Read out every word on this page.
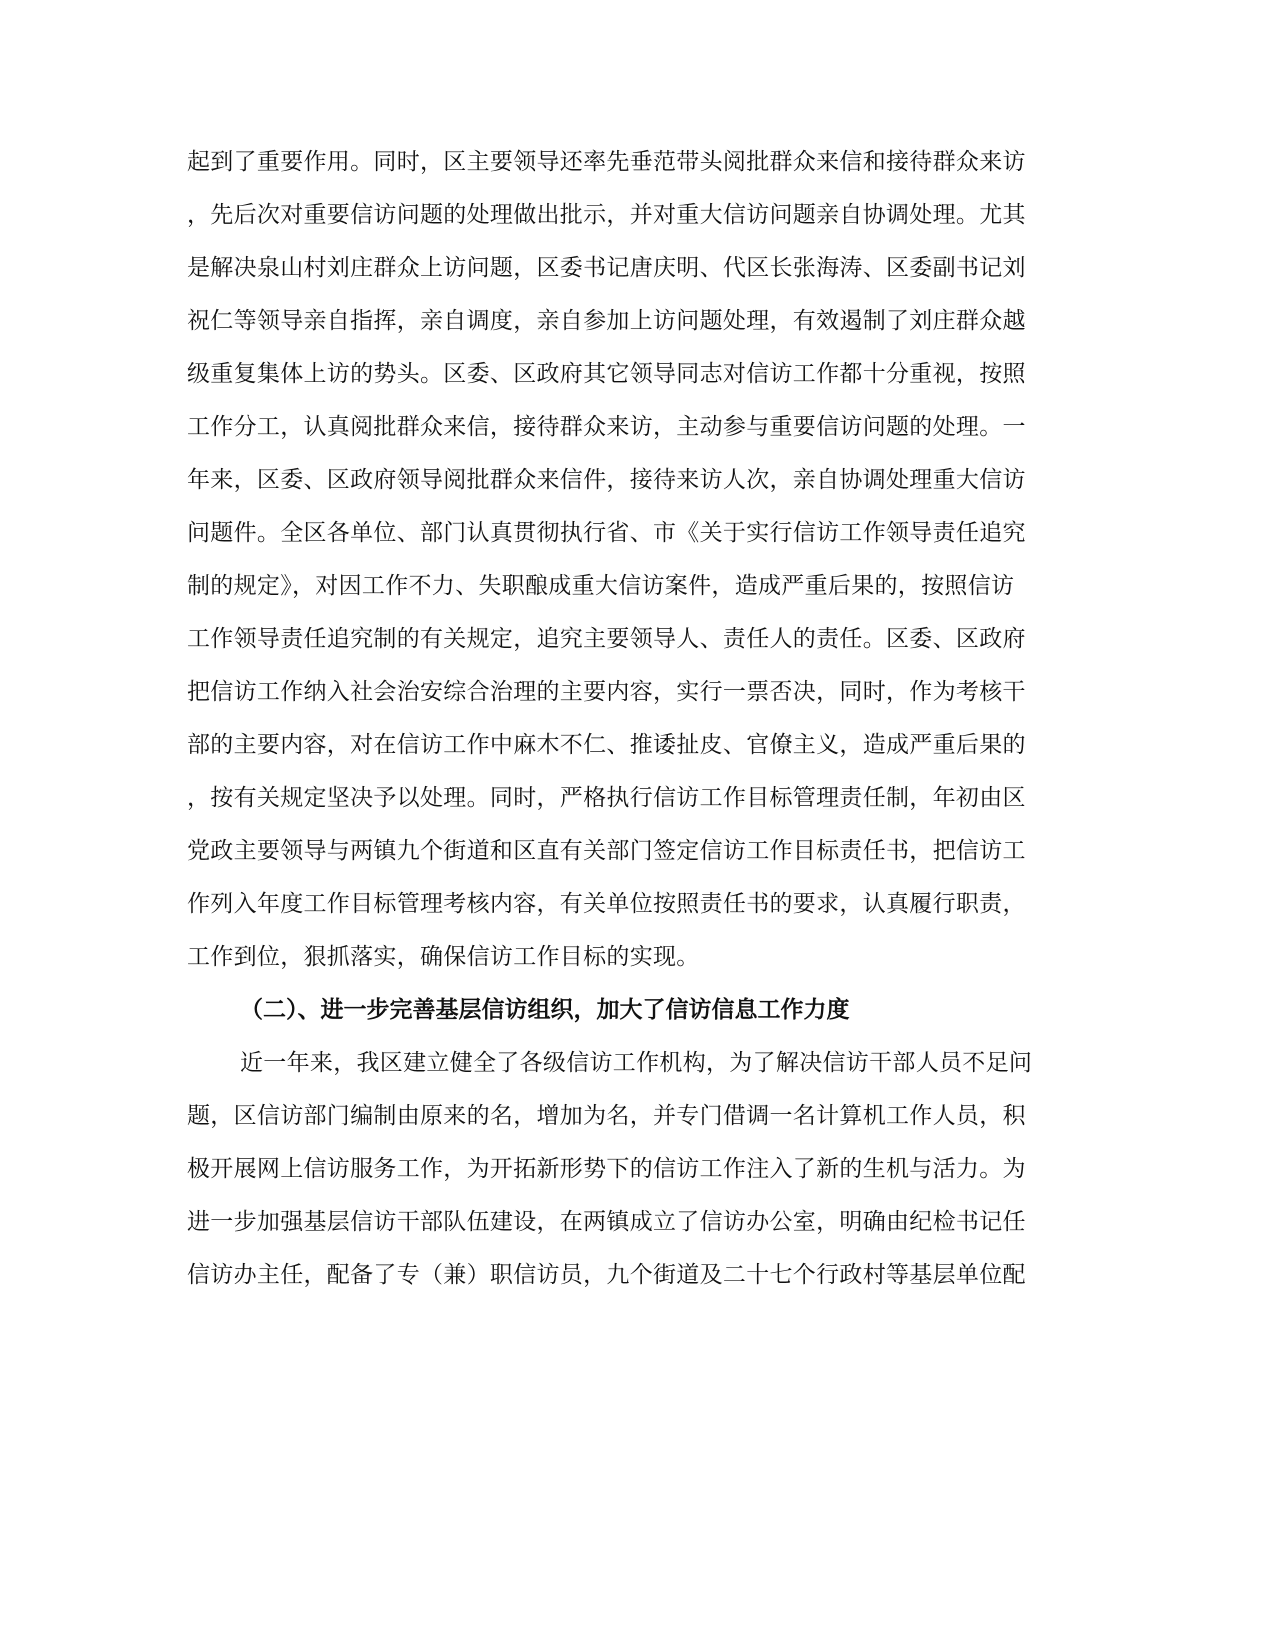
起到了重要作用。同时，区主要领导还率先垂范带头阅批群众来信和接待群众来访
，先后次对重要信访问题的处理做出批示，并对重大信访问题亲自协调处理。尤其
是解决泉山村刘庄群众上访问题，区委书记唐庆明、代区长张海涛、区委副书记刘
祝仁等领导亲自指挥，亲自调度，亲自参加上访问题处理，有效遏制了刘庄群众越
级重复集体上访的势头。区委、区政府其它领导同志对信访工作都十分重视，按照
工作分工，认真阅批群众来信，接待群众来访，主动参与重要信访问题的处理。一
年来，区委、区政府领导阅批群众来信件，接待来访人次，亲自协调处理重大信访
问题件。全区各单位、部门认真贯彻执行省、市《关于实行信访工作领导责任追究
制的规定》，对因工作不力、失职酿成重大信访案件，造成严重后果的，按照信访
工作领导责任追究制的有关规定，追究主要领导人、责任人的责任。区委、区政府
把信访工作纳入社会治安综合治理的主要内容，实行一票否决，同时，作为考核干
部的主要内容，对在信访工作中麻木不仁、推诿扯皮、官僚主义，造成严重后果的
，按有关规定坚决予以处理。同时，严格执行信访工作目标管理责任制，年初由区
党政主要领导与两镇九个街道和区直有关部门签定信访工作目标责任书，把信访工
作列入年度工作目标管理考核内容，有关单位按照责任书的要求，认真履行职责，
工作到位，狠抓落实，确保信访工作目标的实现。
（二）、进一步完善基层信访组织，加大了信访信息工作力度
近一年来，我区建立健全了各级信访工作机构，为了解决信访干部人员不足问
题，区信访部门编制由原来的名，增加为名，并专门借调一名计算机工作人员，积
极开展网上信访服务工作，为开拓新形势下的信访工作注入了新的生机与活力。为
进一步加强基层信访干部队伍建设，在两镇成立了信访办公室，明确由纪检书记任
信访办主任，配备了专（兼）职信访员，九个街道及二十七个行政村等基层单位配
